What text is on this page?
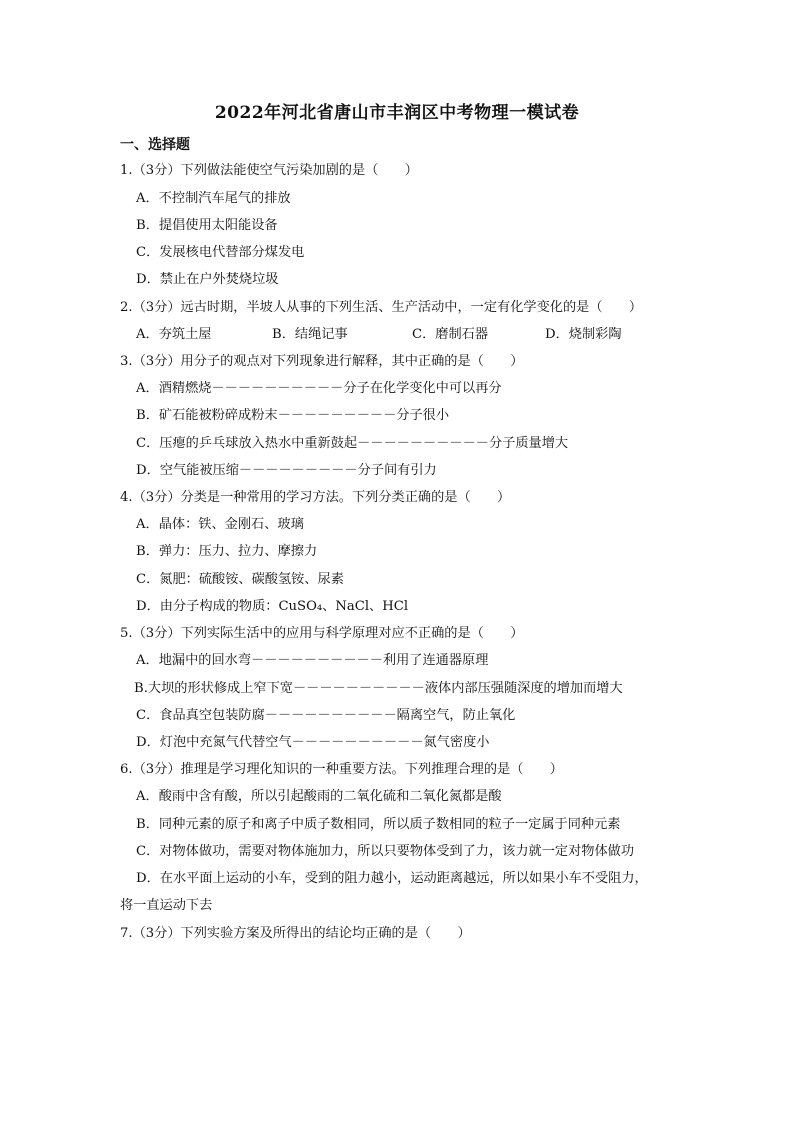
2022年河北省唐山市丰润区中考物理一模试卷
一、选择题
1.（3分）下列做法能使空气污染加剧的是（　　）
A．不控制汽车尾气的排放
B．提倡使用太阳能设备
C．发展核电代替部分煤发电
D．禁止在户外焚烧垃圾
2.（3分）远古时期，半坡人从事的下列生活、生产活动中，一定有化学变化的是（　　）
A．夯筑土屋	B．结绳记事	C．磨制石器	D．烧制彩陶
3.（3分）用分子的观点对下列现象进行解释，其中正确的是（　　）
A．酒精燃烧－－－－－－－－－－分子在化学变化中可以再分
B．矿石能被粉碎成粉末－－－－－－－－－分子很小
C．压瘪的乒乓球放入热水中重新鼓起－－－－－－－－－－分子质量增大
D．空气能被压缩－－－－－－－－－分子间有引力
4.（3分）分类是一种常用的学习方法。下列分类正确的是（　　）
A．晶体：铁、金刚石、玻璃
B．弹力：压力、拉力、摩擦力
C．氮肥：硫酸铵、碳酸氢铵、尿素
D．由分子构成的物质：CuSO₄、NaCl、HCl
5.（3分）下列实际生活中的应用与科学原理对应不正确的是（　　）
A．地漏中的回水弯－－－－－－－－－－利用了连通器原理
B.大坝的形状修成上窄下宽－－－－－－－－－－液体内部压强随深度的增加而增大
C．食品真空包装防腐－－－－－－－－－－隔离空气，防止氧化
D．灯泡中充氮气代替空气－－－－－－－－－－氮气密度小
6.（3分）推理是学习理化知识的一种重要方法。下列推理合理的是（　　）
A．酸雨中含有酸，所以引起酸雨的二氧化硫和二氧化氮都是酸
B．同种元素的原子和离子中质子数相同，所以质子数相同的粒子一定属于同种元素
C．对物体做功，需要对物体施加力，所以只要物体受到了力，该力就一定对物体做功
D．在水平面上运动的小车，受到的阻力越小，运动距离越远，所以如果小车不受阻力，
将一直运动下去
7.（3分）下列实验方案及所得出的结论均正确的是（　　）
